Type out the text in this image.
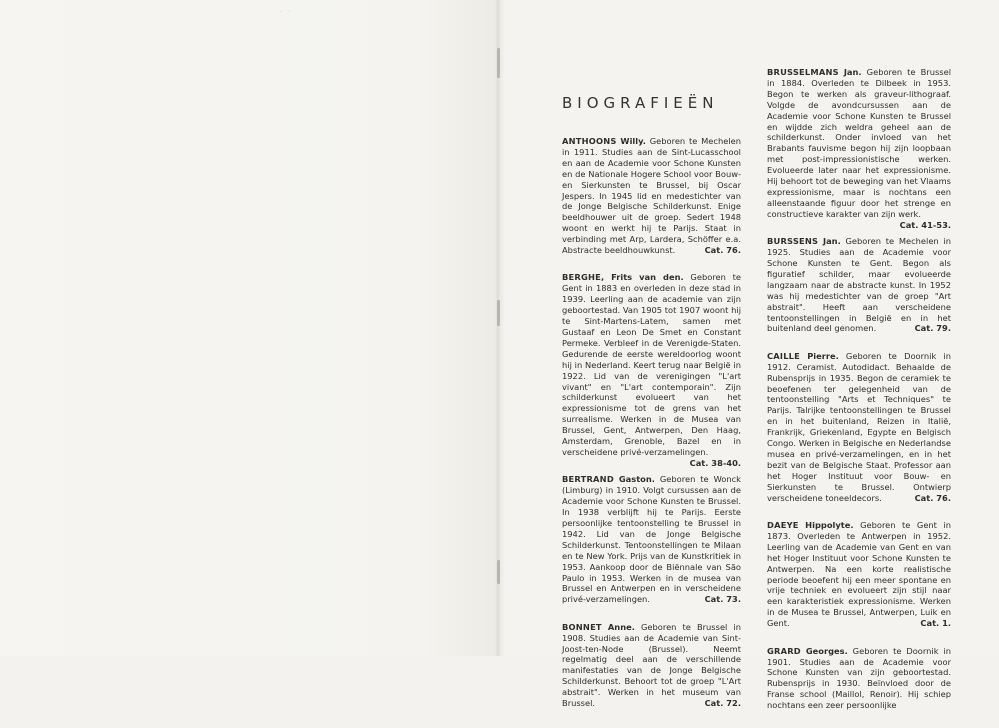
· ·
BIOGRAFIEËN

ANTHOONS Willy. Geboren te Mechelen in 1911. Studies aan de Sint-Lucasschool en aan de Academie voor Schone Kunsten en de Nationale Hogere School voor Bouw- en Sierkunsten te Brussel, bij Oscar Jespers. In 1945 lid en medestichter van de Jonge Belgische Schilderkunst. Enige beeldhouwer uit de groep. Sedert 1948 woont en werkt hij te Parijs. Staat in verbinding met Arp, Lardera, Schöffer e.a. Abstracte beeldhouwkunst.	Cat. 76.

BERGHE, Frits van den. Geboren te Gent in 1883 en overleden in deze stad in 1939. Leerling aan de academie van zijn geboortestad. Van 1905 tot 1907 woont hij te Sint-Martens-Latem, samen met Gustaaf en Leon De Smet en Constant Permeke. Verbleef in de Verenigde-Staten. Gedurende de eerste wereldoorlog woont hij in Nederland. Keert terug naar België in 1922. Lid van de verenigingen "L'art vivant" en "L'art contemporain". Zijn schilderkunst evolueert van het expressionisme tot de grens van het surrealisme. Werken in de Musea van Brussel, Gent, Antwerpen, Den Haag, Amsterdam, Grenoble, Bazel en in verscheidene privé-verzamelingen.
Cat. 38-40.

BERTRAND Gaston. Geboren te Wonck (Limburg) in 1910. Volgt cursussen aan de Academie voor Schone Kunsten te Brussel. In 1938 verblijft hij te Parijs. Eerste persoonlijke tentoonstelling te Brussel in 1942. Lid van de Jonge Belgische Schilderkunst. Tentoonstellingen te Milaan en te New York. Prijs van de Kunstkritiek in 1953. Aankoop door de Biënnale van São Paulo in 1953. Werken in de musea van Brussel en Antwerpen en in verscheidene privé-verzamelingen.	Cat. 73.

BONNET Anne. Geboren te Brussel in 1908. Studies aan de Academie van Sint-Joost-ten-Node (Brussel). Neemt regelmatig deel aan de verschillende manifestaties van de Jonge Belgische Schilderkunst. Behoort tot de groep "L'Art abstrait". Werken in het museum van Brussel.	Cat. 72.

BRUSSELMANS Jan. Geboren te Brussel in 1884. Overleden te Dilbeek in 1953. Begon te werken als graveur-lithograaf. Volgde de avondcursussen aan de Academie voor Schone Kunsten te Brussel en wijdde zich weldra geheel aan de schilderkunst. Onder invloed van het Brabants fauvisme begon hij zijn loopbaan met post-impressionistische werken. Evolueerde later naar het expressionisme. Hij behoort tot de beweging van het Vlaams expressionisme, maar is nochtans een alleenstaande figuur door het strenge en constructieve karakter van zijn werk.
Cat. 41-53.

BURSSENS Jan. Geboren te Mechelen in 1925. Studies aan de Academie voor Schone Kunsten te Gent. Begon als figuratief schilder, maar evolueerde langzaam naar de abstracte kunst. In 1952 was hij medestichter van de groep "Art abstrait". Heeft aan verscheidene tentoonstellingen in België en in het buitenland deel genomen.	Cat. 79.

CAILLE Pierre. Geboren te Doornik in 1912. Ceramist. Autodidact. Behaalde de Rubensprijs in 1935. Begon de ceramiek te beoefenen ter gelegenheid van de tentoonstelling "Arts et Techniques" te Parijs. Talrijke tentoonstellingen te Brussel en in het buitenland, Reizen in Italië, Frankrijk, Griekenland, Egypte en Belgisch Congo. Werken in Belgische en Nederlandse musea en privé-verzamelingen, en in het bezit van de Belgische Staat. Professor aan het Hoger Instituut voor Bouw- en Sierkunsten te Brussel. Ontwierp verscheidene toneeldecors.	Cat. 76.

DAEYE Hippolyte. Geboren te Gent in 1873. Overleden te Antwerpen in 1952. Leerling van de Academie van Gent en van het Hoger Instituut voor Schone Kunsten te Antwerpen. Na een korte realistische periode beoefent hij een meer spontane en vrije techniek en evolueert zijn stijl naar een karakteristiek expressionisme. Werken in de Musea te Brussel, Antwerpen, Luik en Gent.	Cat. 1.

GRARD Georges. Geboren te Doornik in 1901. Studies aan de Academie voor Schone Kunsten van zijn geboortestad. Rubensprijs in 1930. Beïnvloed door de Franse school (Maillol, Renoir). Hij schiep nochtans een zeer persoonlijke
